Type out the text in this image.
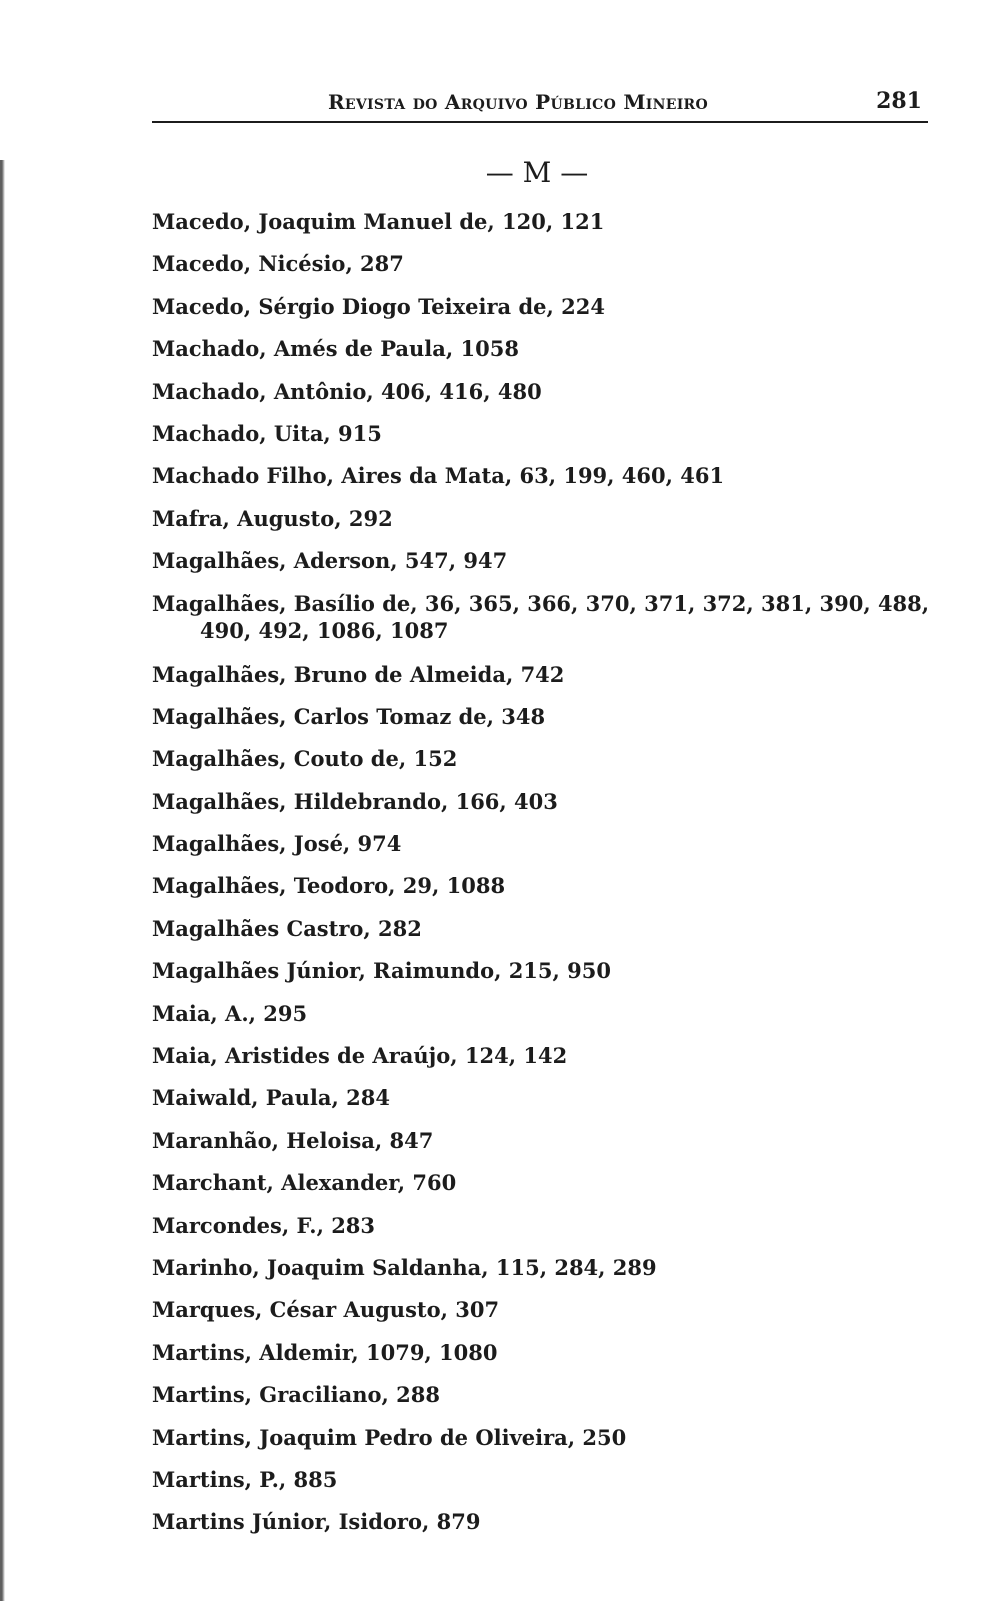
Revista do Arquivo Público Mineiro	281
— M —
Macedo, Joaquim Manuel de, 120, 121
Macedo, Nicésio, 287
Macedo, Sérgio Diogo Teixeira de, 224
Machado, Amés de Paula, 1058
Machado, Antônio, 406, 416, 480
Machado, Uita, 915
Machado Filho, Aires da Mata, 63, 199, 460, 461
Mafra, Augusto, 292
Magalhães, Aderson, 547, 947
Magalhães, Basílio de, 36, 365, 366, 370, 371, 372, 381, 390, 488, 490, 492, 1086, 1087
Magalhães, Bruno de Almeida, 742
Magalhães, Carlos Tomaz de, 348
Magalhães, Couto de, 152
Magalhães, Hildebrando, 166, 403
Magalhães, José, 974
Magalhães, Teodoro, 29, 1088
Magalhães Castro, 282
Magalhães Júnior, Raimundo, 215, 950
Maia, A., 295
Maia, Aristides de Araújo, 124, 142
Maiwald, Paula, 284
Maranhão, Heloisa, 847
Marchant, Alexander, 760
Marcondes, F., 283
Marinho, Joaquim Saldanha, 115, 284, 289
Marques, César Augusto, 307
Martins, Aldemir, 1079, 1080
Martins, Graciliano, 288
Martins, Joaquim Pedro de Oliveira, 250
Martins, P., 885
Martins Júnior, Isidoro, 879
